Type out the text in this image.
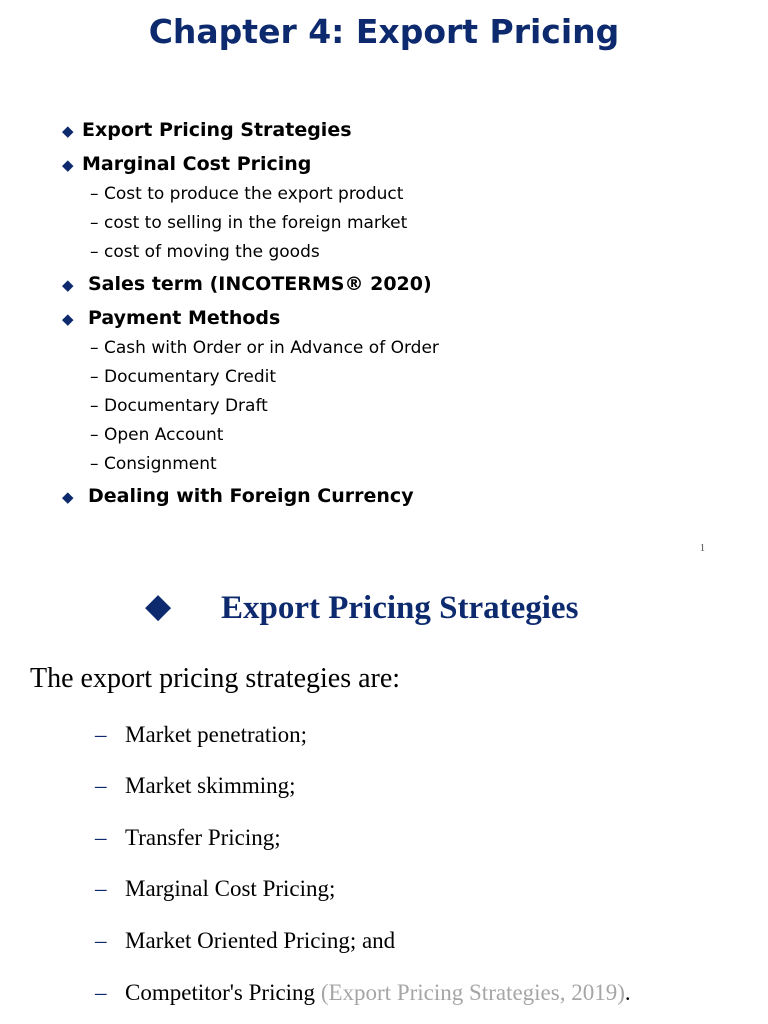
Chapter 4: Export Pricing
◆ Export Pricing Strategies
◆ Marginal Cost Pricing
– Cost to produce the export product
– cost to selling in the foreign market
– cost of moving the goods
◆ Sales term (INCOTERMS® 2020)
◆ Payment Methods
– Cash with Order or in Advance of Order
– Documentary Credit
– Documentary Draft
– Open Account
– Consignment
◆ Dealing with Foreign Currency
1
◆ Export Pricing Strategies
The export pricing strategies are:
– Market penetration;
– Market skimming;
– Transfer Pricing;
– Marginal Cost Pricing;
– Market Oriented Pricing; and
– Competitor's Pricing (Export Pricing Strategies, 2019).
